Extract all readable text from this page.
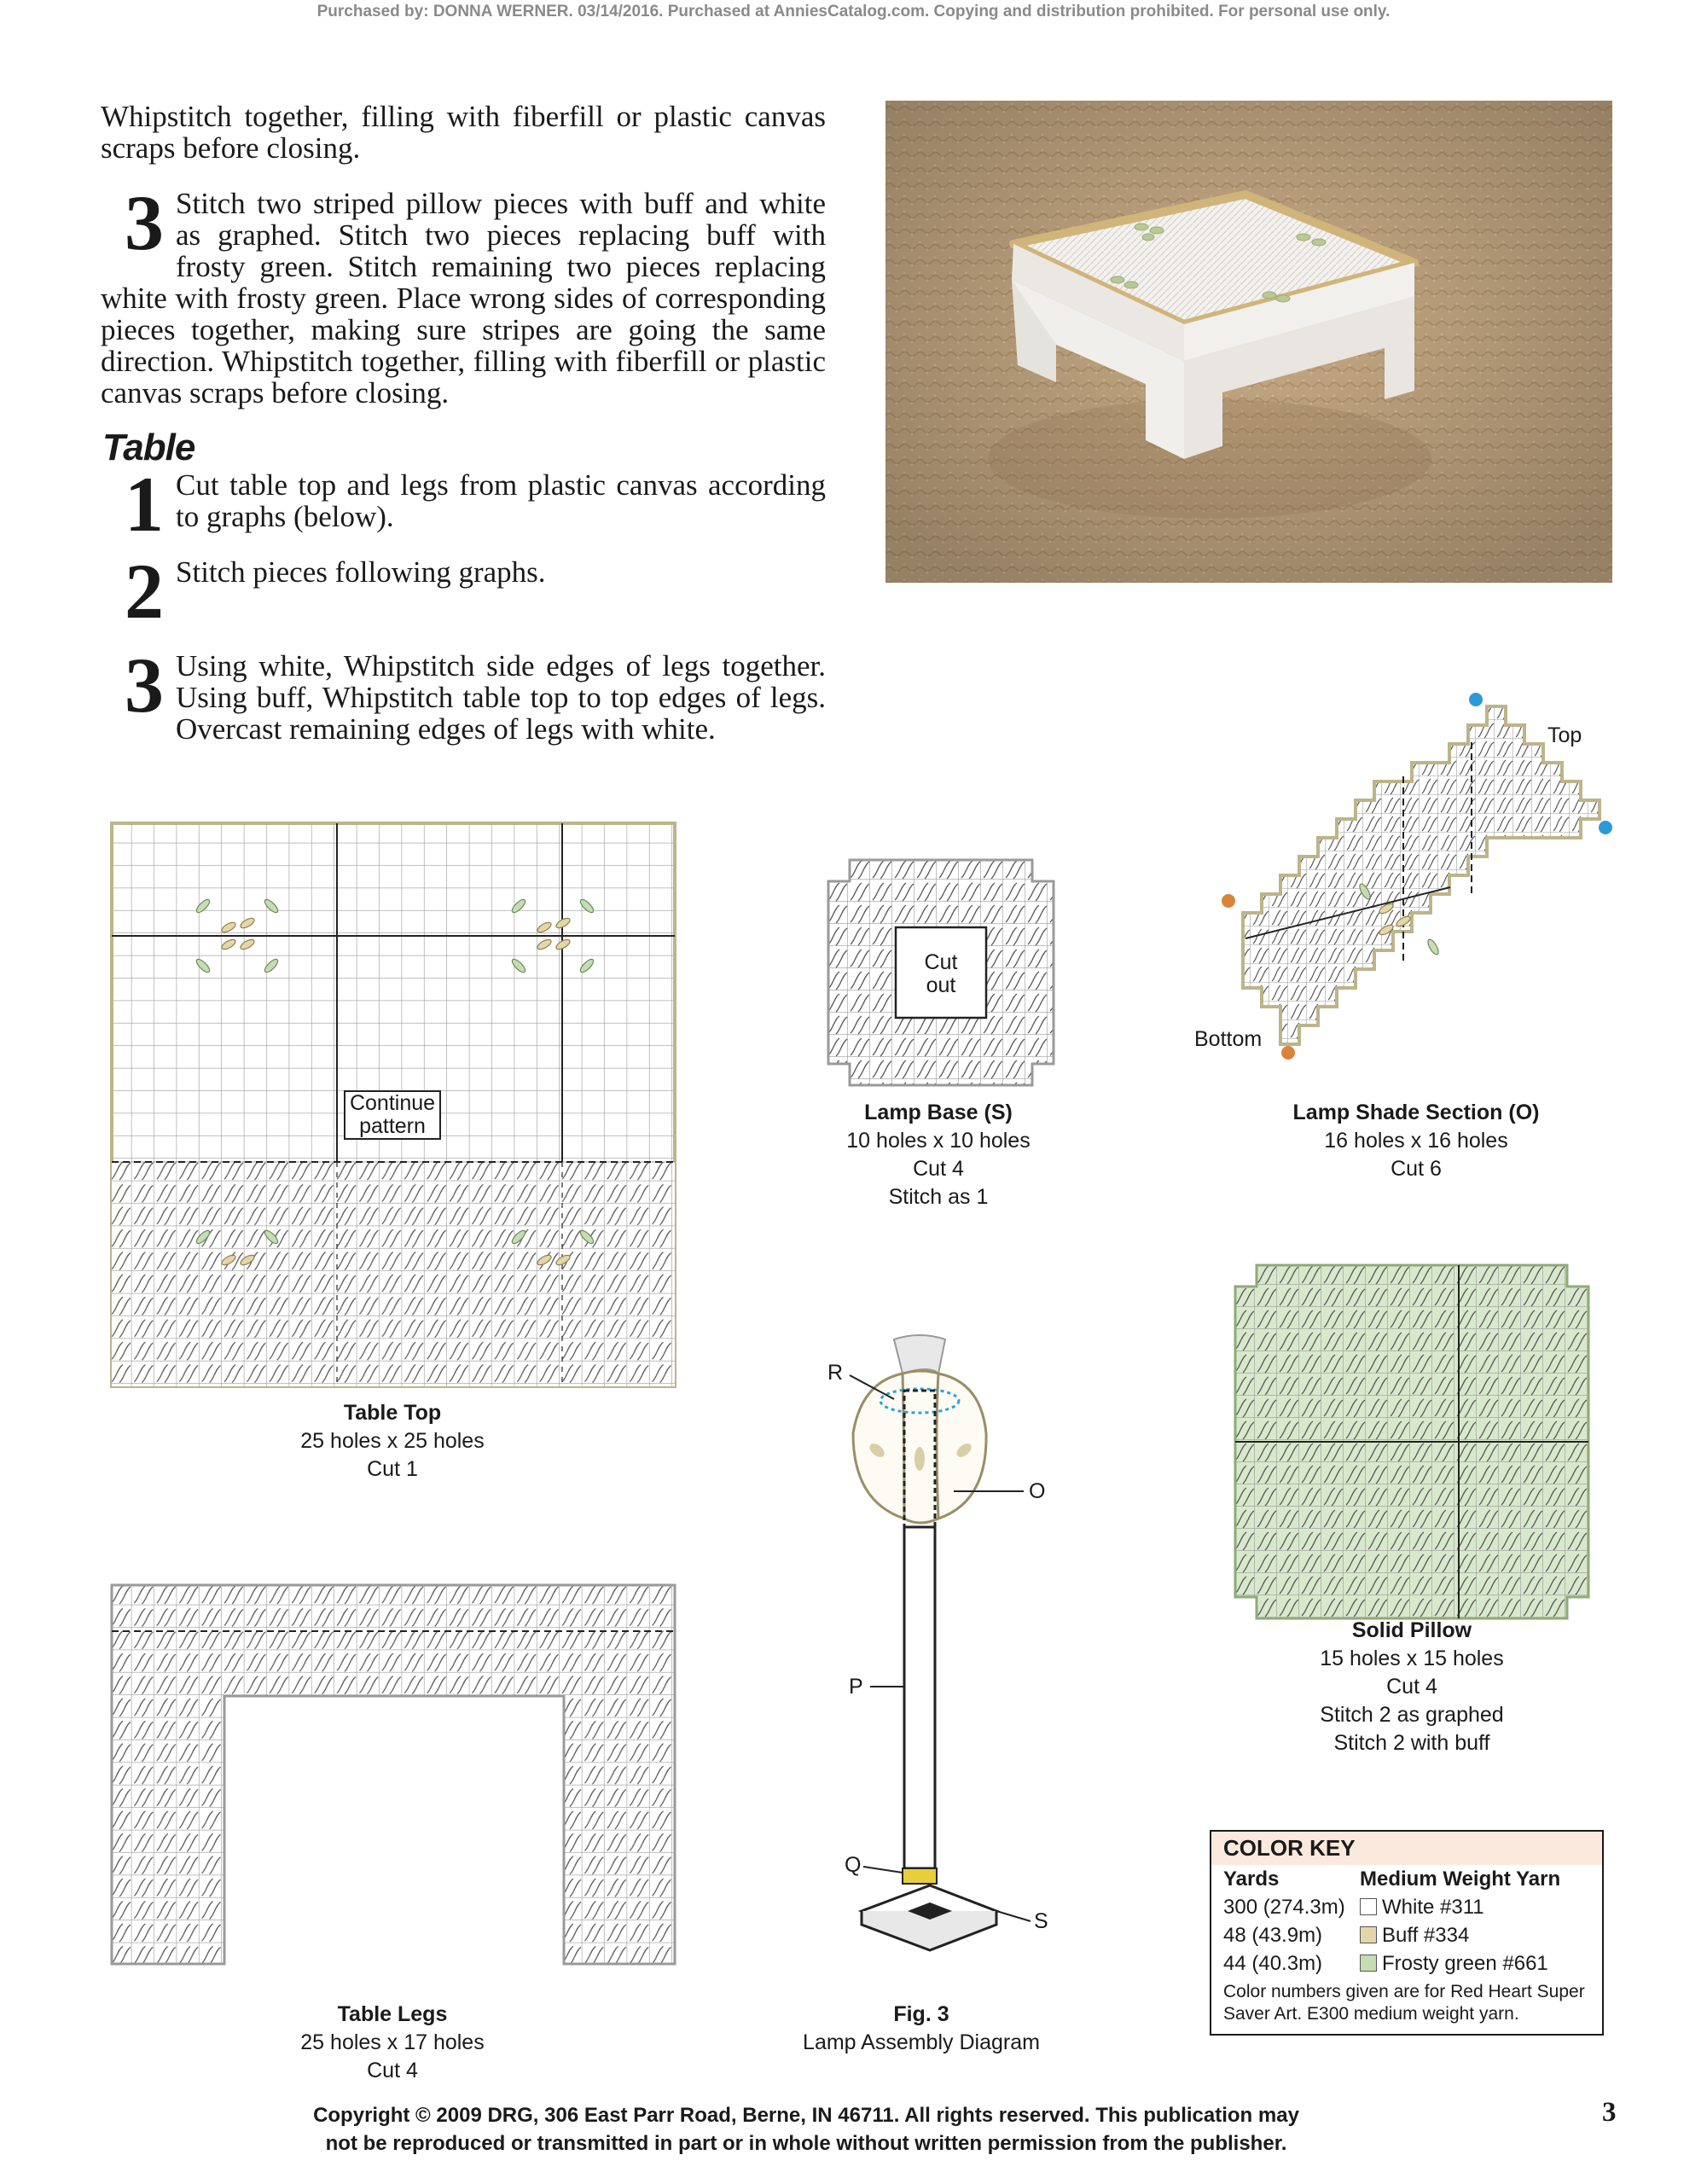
Purchased by: DONNA WERNER. 03/14/2016. Purchased at AnniesCatalog.com. Copying and distribution prohibited. For personal use only.

Whipstitch together, filling with fiberfill or plastic canvas scraps before closing.

3 Stitch two striped pillow pieces with buff and white as graphed. Stitch two pieces replacing buff with frosty green. Stitch remaining two pieces replacing white with frosty green. Place wrong sides of corresponding pieces together, making sure stripes are going the same direction. Whipstitch together, filling with fiberfill or plastic canvas scraps before closing.
Table
1 Cut table top and legs from plastic canvas according to graphs (below).
2 Stitch pieces following graphs.
3 Using white, Whipstitch side edges of legs together. Using buff, Whipstitch table top to top edges of legs. Overcast remaining edges of legs with white.
Continue
pattern
Table Top
25 holes x 25 holes
Cut 1
Table Legs
25 holes x 17 holes
Cut 4
Cut
out
Lamp Base (S)
10 holes x 10 holes
Cut 4
Stitch as 1
Top
Bottom
Lamp Shade Section (O)
16 holes x 16 holes
Cut 6
Solid Pillow
15 holes x 15 holes
Cut 4
Stitch 2 as graphed
Stitch 2 with buff
R
O
P
Q
S
Fig. 3
Lamp Assembly Diagram
COLOR KEY
Yards	Medium Weight Yarn
300 (274.3m)	White #311
48 (43.9m)	Buff #334
44 (40.3m)	Frosty green #661
Color numbers given are for Red Heart Super Saver Art. E300 medium weight yarn.
Copyright © 2009 DRG, 306 East Parr Road, Berne, IN 46711. All rights reserved. This publication may
not be reproduced or transmitted in part or in whole without written permission from the publisher.
3
